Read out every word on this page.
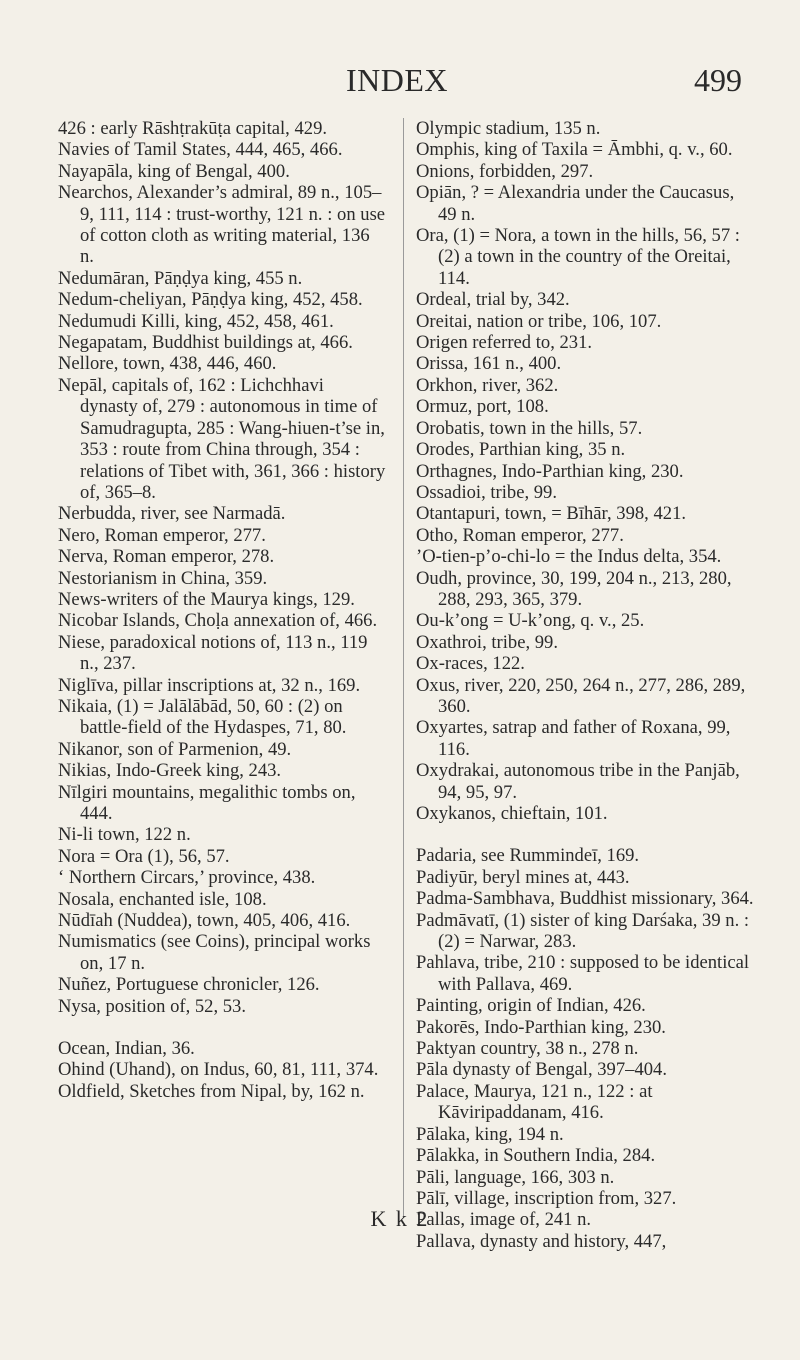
INDEX	499

426 : early Rāshṭrakūṭa capital, 429.

Navies of Tamil States, 444, 465, 466.

Nayapāla, king of Bengal, 400.

Nearchos, Alexander’s admiral, 89 n., 105–9, 111, 114 : trust-worthy, 121 n. : on use of cotton cloth as writing material, 136 n.

Nedumāran, Pāṇḍya king, 455 n.

Nedum-cheliyan, Pāṇḍya king, 452, 458.

Nedumudi Killi, king, 452, 458, 461.

Negapatam, Buddhist buildings at, 466.

Nellore, town, 438, 446, 460.

Nepāl, capitals of, 162 : Lichchhavi dynasty of, 279 : autonomous in time of Samudragupta, 285 : Wang-hiuen-t’se in, 353 : route from China through, 354 : relations of Tibet with, 361, 366 : history of, 365–8.

Nerbudda, river, see Narmadā.

Nero, Roman emperor, 277.

Nerva, Roman emperor, 278.

Nestorianism in China, 359.

News-writers of the Maurya kings, 129.

Nicobar Islands, Choḷa annexation of, 466.

Niese, paradoxical notions of, 113 n., 119 n., 237.

Niglīva, pillar inscriptions at, 32 n., 169.

Nikaia, (1) = Jalālābād, 50, 60 : (2) on battle-field of the Hydaspes, 71, 80.

Nikanor, son of Parmenion, 49.

Nikias, Indo-Greek king, 243.

Nīlgiri mountains, megalithic tombs on, 444.

Ni-li town, 122 n.

Nora = Ora (1), 56, 57.

‘ Northern Circars,’ province, 438.

Nosala, enchanted isle, 108.

Nūdīah (Nuddea), town, 405, 406, 416.

Numismatics (see Coins), principal works on, 17 n.

Nuñez, Portuguese chronicler, 126.

Nysa, position of, 52, 53.

Ocean, Indian, 36.

Ohind (Uhand), on Indus, 60, 81, 111, 374.

Oldfield, Sketches from Nipal, by, 162 n.

Olympic stadium, 135 n.

Omphis, king of Taxila = Āmbhi, q. v., 60.

Onions, forbidden, 297.

Opiān, ? = Alexandria under the Caucasus, 49 n.

Ora, (1) = Nora, a town in the hills, 56, 57 : (2) a town in the country of the Oreitai, 114.

Ordeal, trial by, 342.

Oreitai, nation or tribe, 106, 107.

Origen referred to, 231.

Orissa, 161 n., 400.

Orkhon, river, 362.

Ormuz, port, 108.

Orobatis, town in the hills, 57.

Orodes, Parthian king, 35 n.

Orthagnes, Indo-Parthian king, 230.

Ossadioi, tribe, 99.

Otantapuri, town, = Bīhār, 398, 421.

Otho, Roman emperor, 277.

’O-tien-p’o-chi-lo = the Indus delta, 354.

Oudh, province, 30, 199, 204 n., 213, 280, 288, 293, 365, 379.

Ou-k’ong = U-k’ong, q. v., 25.

Oxathroi, tribe, 99.

Ox-races, 122.

Oxus, river, 220, 250, 264 n., 277, 286, 289, 360.

Oxyartes, satrap and father of Roxana, 99, 116.

Oxydrakai, autonomous tribe in the Panjāb, 94, 95, 97.

Oxykanos, chieftain, 101.

Padaria, see Rummindeī, 169.

Padiyūr, beryl mines at, 443.

Padma-Sambhava, Buddhist missionary, 364.

Padmāvatī, (1) sister of king Darśaka, 39 n. : (2) = Narwar, 283.

Pahlava, tribe, 210 : supposed to be identical with Pallava, 469.

Painting, origin of Indian, 426.

Pakorēs, Indo-Parthian king, 230.

Paktyan country, 38 n., 278 n.

Pāla dynasty of Bengal, 397–404.

Palace, Maurya, 121 n., 122 : at Kāviripaddanam, 416.

Pālaka, king, 194 n.

Pālakka, in Southern India, 284.

Pāli, language, 166, 303 n.

Pālī, village, inscription from, 327.

Pallas, image of, 241 n.

Pallava, dynasty and history, 447,

K k 2
